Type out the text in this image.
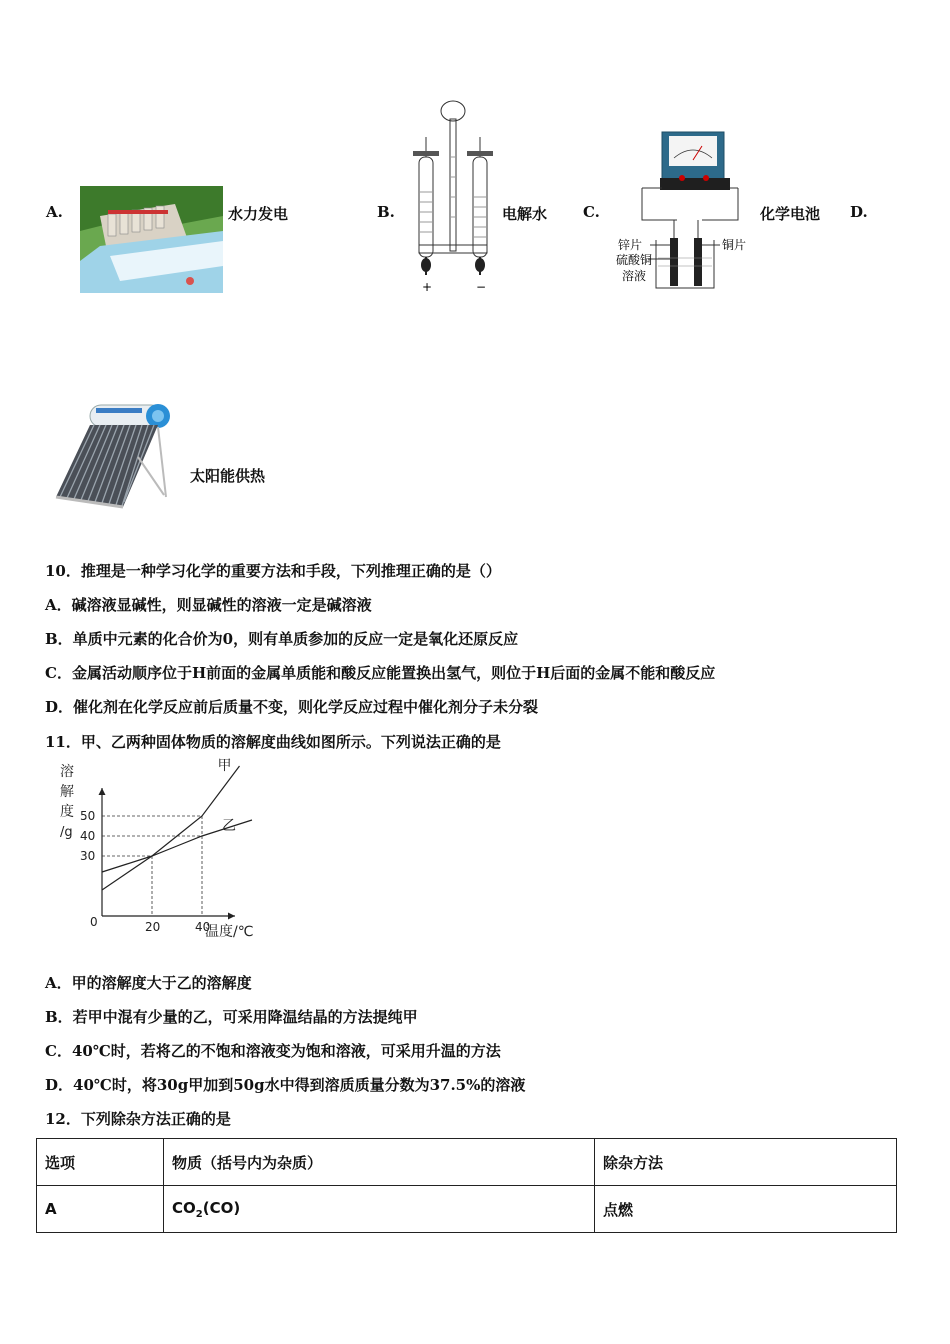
A.	水力发电	B.
+	−
电解水 C.
锌片	铜片
硫酸铜
溶液
化学电池 D.
太阳能供热
10．推理是一种学习化学的重要方法和手段，下列推理正确的是（）
A．碱溶液显碱性，则显碱性的溶液一定是碱溶液
B．单质中元素的化合价为0，则有单质参加的反应一定是氧化还原反应
C．金属活动顺序位于H前面的金属单质能和酸反应能置换出氢气，则位于H后面的金属不能和酸反应
D．催化剂在化学反应前后质量不变，则化学反应过程中催化剂分子未分裂
11．甲、乙两种固体物质的溶解度曲线如图所示。下列说法正确的是
溶
解
度
/g
温度/℃
0
30
40
50
20	40
甲
乙
A．甲的溶解度大于乙的溶解度
B．若甲中混有少量的乙，可采用降温结晶的方法提纯甲
C．40℃时，若将乙的不饱和溶液变为饱和溶液，可采用升温的方法
D．40℃时，将30g甲加到50g水中得到溶质质量分数为37.5%的溶液
12．下列除杂方法正确的是
选项	物质（括号内为杂质）	除杂方法
A	$CO_2(CO)$	点燃
